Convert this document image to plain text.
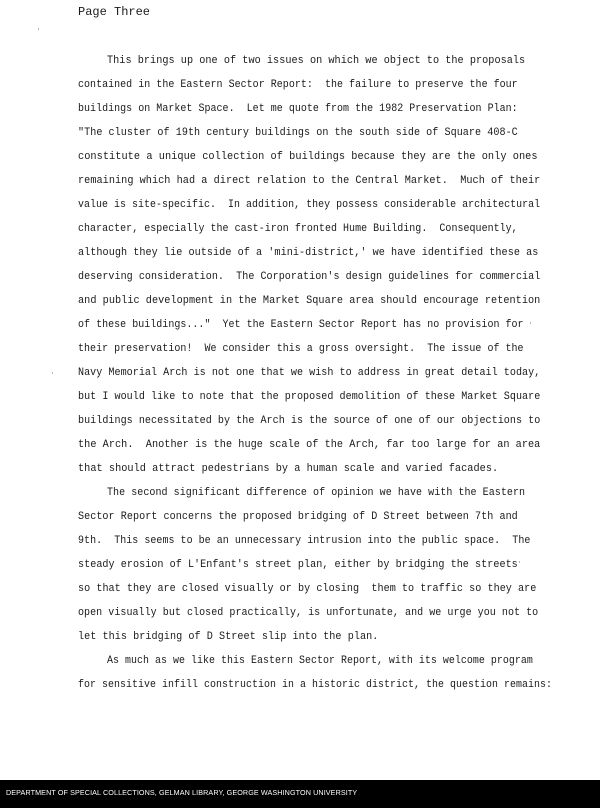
Page Three
This brings up one of two issues on which we object to the proposals
contained in the Eastern Sector Report:  the failure to preserve the four
buildings on Market Space.  Let me quote from the 1982 Preservation Plan:
"The cluster of 19th century buildings on the south side of Square 408-C
constitute a unique collection of buildings because they are the only ones
remaining which had a direct relation to the Central Market.  Much of their
value is site-specific.  In addition, they possess considerable architectural
character, especially the cast-iron fronted Hume Building.  Consequently,
although they lie outside of a 'mini-district,' we have identified these as
deserving consideration.  The Corporation's design guidelines for commercial
and public development in the Market Square area should encourage retention
of these buildings..."  Yet the Eastern Sector Report has no provision for
their preservation!  We consider this a gross oversight.  The issue of the
Navy Memorial Arch is not one that we wish to address in great detail today,
but I would like to note that the proposed demolition of these Market Square
buildings necessitated by the Arch is the source of one of our objections to
the Arch.  Another is the huge scale of the Arch, far too large for an area
that should attract pedestrians by a human scale and varied facades.
The second significant difference of opinion we have with the Eastern
Sector Report concerns the proposed bridging of D Street between 7th and
9th.  This seems to be an unnecessary intrusion into the public space.  The
steady erosion of L'Enfant's street plan, either by bridging the streets
so that they are closed visually or by closing  them to traffic so they are
open visually but closed practically, is unfortunate, and we urge you not to
let this bridging of D Street slip into the plan.
As much as we like this Eastern Sector Report, with its welcome program
for sensitive infill construction in a historic district, the question remains:
DEPARTMENT OF SPECIAL COLLECTIONS, GELMAN LIBRARY, GEORGE WASHINGTON UNIVERSITY
